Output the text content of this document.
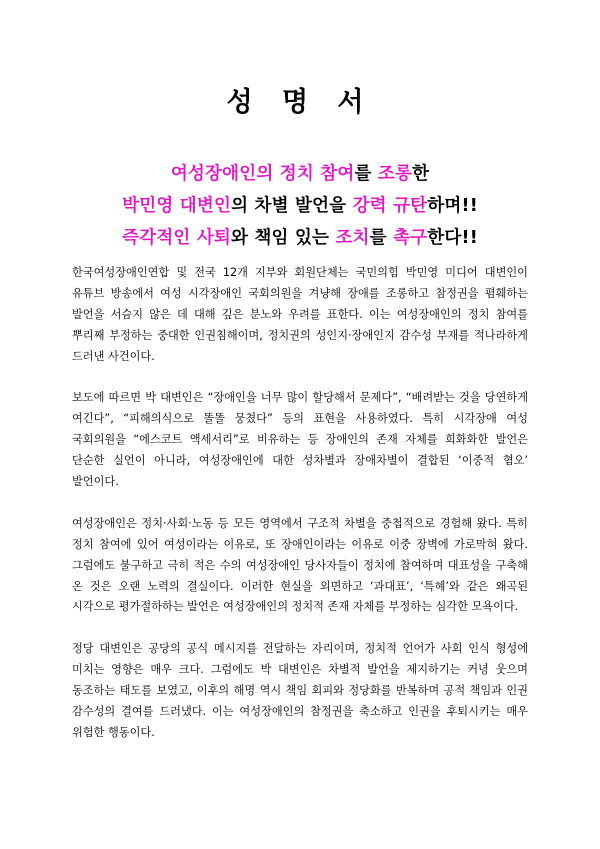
성 명 서
여성장애인의 정치 참여를 조롱한
박민영 대변인의 차별 발언을 강력 규탄하며!!
즉각적인 사퇴와 책임 있는 조치를 촉구한다!!

한국여성장애인연합 및 전국 12개 지부와 회원단체는 국민의힘 박민영 미디어 대변인이 유튜브 방송에서 여성 시각장애인 국회의원을 겨냥해 장애를 조롱하고 참정권을 폄훼하는 발언을 서슴지 않은 데 대해 깊은 분노와 우려를 표한다. 이는 여성장애인의 정치 참여를 뿌리째 부정하는 중대한 인권침해이며, 정치권의 성인지·장애인지 감수성 부재를 적나라하게 드러낸 사건이다.

보도에 따르면 박 대변인은 “장애인을 너무 많이 할당해서 문제다”, “배려받는 것을 당연하게 여긴다”, “피해의식으로 똘똘 뭉쳤다” 등의 표현을 사용하였다. 특히 시각장애 여성 국회의원을 “에스코트 액세서리”로 비유하는 등 장애인의 존재 자체를 희화화한 발언은 단순한 실언이 아니라, 여성장애인에 대한 성차별과 장애차별이 결합된 ‘이중적 혐오’ 발언이다.

여성장애인은 정치·사회·노동 등 모든 영역에서 구조적 차별을 중첩적으로 경험해 왔다. 특히 정치 참여에 있어 여성이라는 이유로, 또 장애인이라는 이유로 이중 장벽에 가로막혀 왔다. 그럼에도 불구하고 극히 적은 수의 여성장애인 당사자들이 정치에 참여하며 대표성을 구축해 온 것은 오랜 노력의 결실이다. 이러한 현실을 외면하고 ‘과대표’, ‘특혜’와 같은 왜곡된 시각으로 평가절하하는 발언은 여성장애인의 정치적 존재 자체를 부정하는 심각한 모욕이다.

정당 대변인은 공당의 공식 메시지를 전달하는 자리이며, 정치적 언어가 사회 인식 형성에 미치는 영향은 매우 크다. 그럼에도 박 대변인은 차별적 발언을 제지하기는 커녕 웃으며 동조하는 태도를 보였고, 이후의 해명 역시 책임 회피와 정당화를 반복하며 공적 책임과 인권 감수성의 결여를 드러냈다. 이는 여성장애인의 참정권을 축소하고 인권을 후퇴시키는 매우 위험한 행동이다.
